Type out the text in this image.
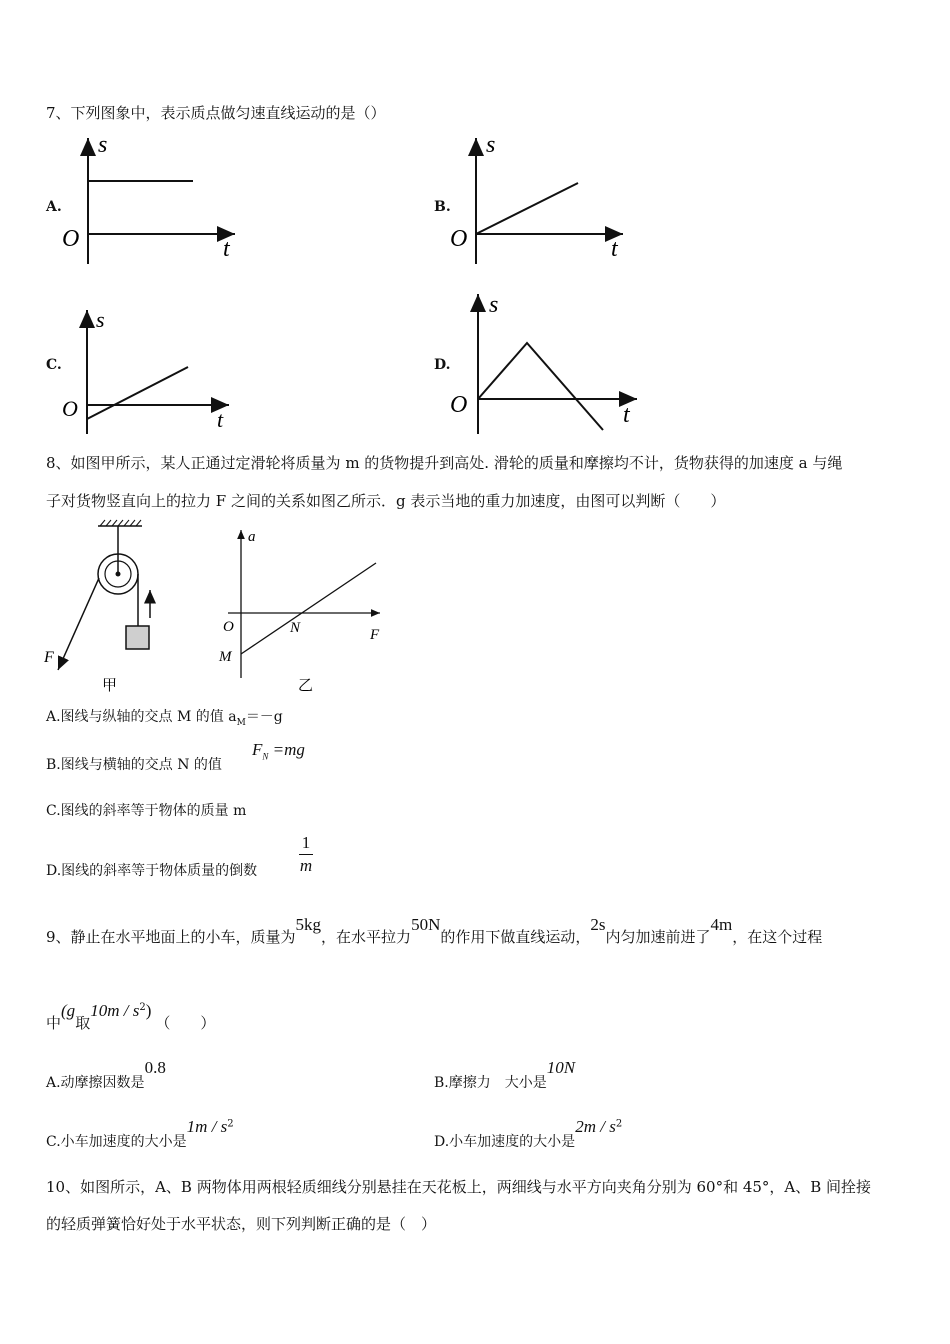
7、下列图象中，表示质点做匀速直线运动的是（）
A.
s
t
O
B.
s
t
O
C.
s
t
O
D.
s
t
O
8、如图甲所示，某人正通过定滑轮将质量为 m 的货物提升到高处. 滑轮的质量和摩擦均不计，货物获得的加速度 a 与绳
子对货物竖直向上的拉力 F 之间的关系如图乙所示．g 表示当地的重力加速度，由图可以判断（　　）
F
甲
a
F
O	N
M
乙
A.图线与纵轴的交点 M 的值 $a_M=-g$
B.图线与横轴的交点 N 的值
$F_N =mg$
C.图线的斜率等于物体的质量 m
D.图线的斜率等于物体质量的倒数
1
m
9、静止在水平地面上的小车，质量为5kg，在水平拉力50N的作用下做直线运动，2s内匀加速前进了4m，在这个过程
中(g取$10m / s^2$)（　　）
A.动摩擦因数是0.8
B.摩擦力　大小是10N
C.小车加速度的大小是$1m / s^2$
D.小车加速度的大小是$2m / s^2$
10、如图所示，A、B 两物体用两根轻质细线分别悬挂在天花板上，两细线与水平方向夹角分别为 60°和 45°，A、B 间拴接
的轻质弹簧恰好处于水平状态，则下列判断正确的是（　）
